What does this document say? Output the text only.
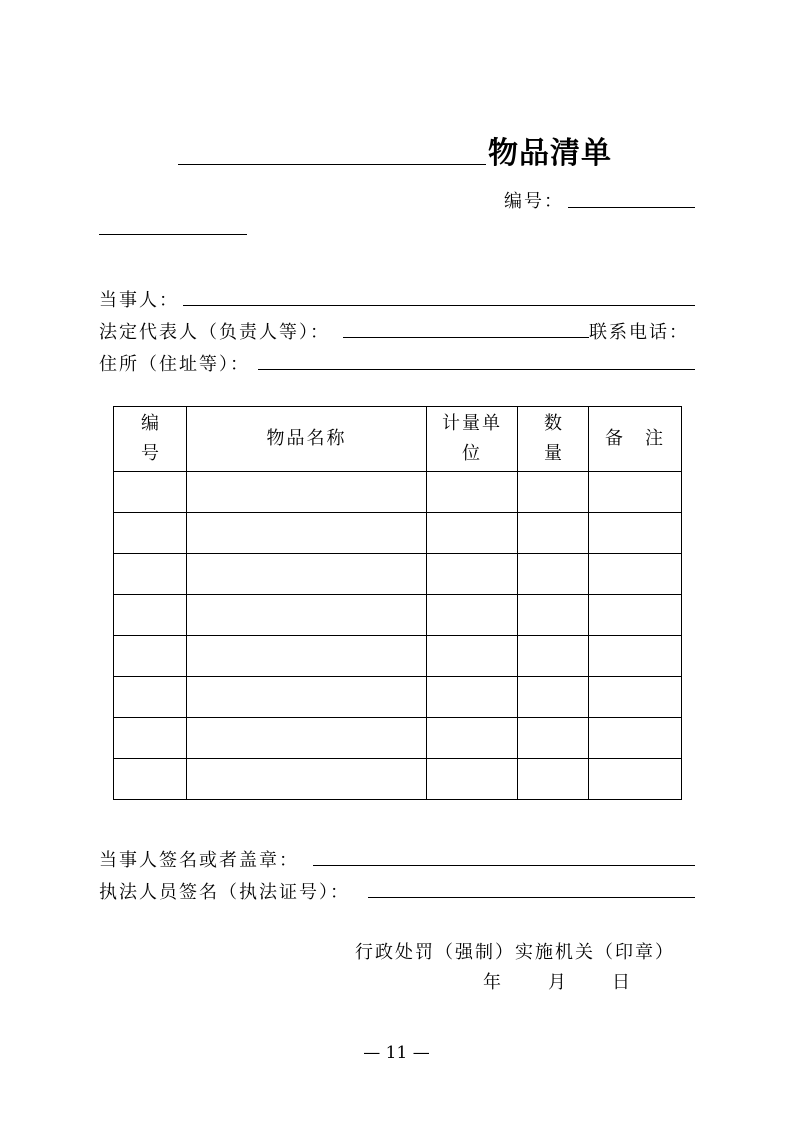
物品清单
编号：
当事人：
法定代表人（负责人等）：	联系电话：
住所（住址等）：
编号	物品名称	计量单位	数量	备　注

当事人签名或者盖章：
执法人员签名（执法证号）：
行政处罚（强制）实施机关（印章）
年	月 日
— 11 —
